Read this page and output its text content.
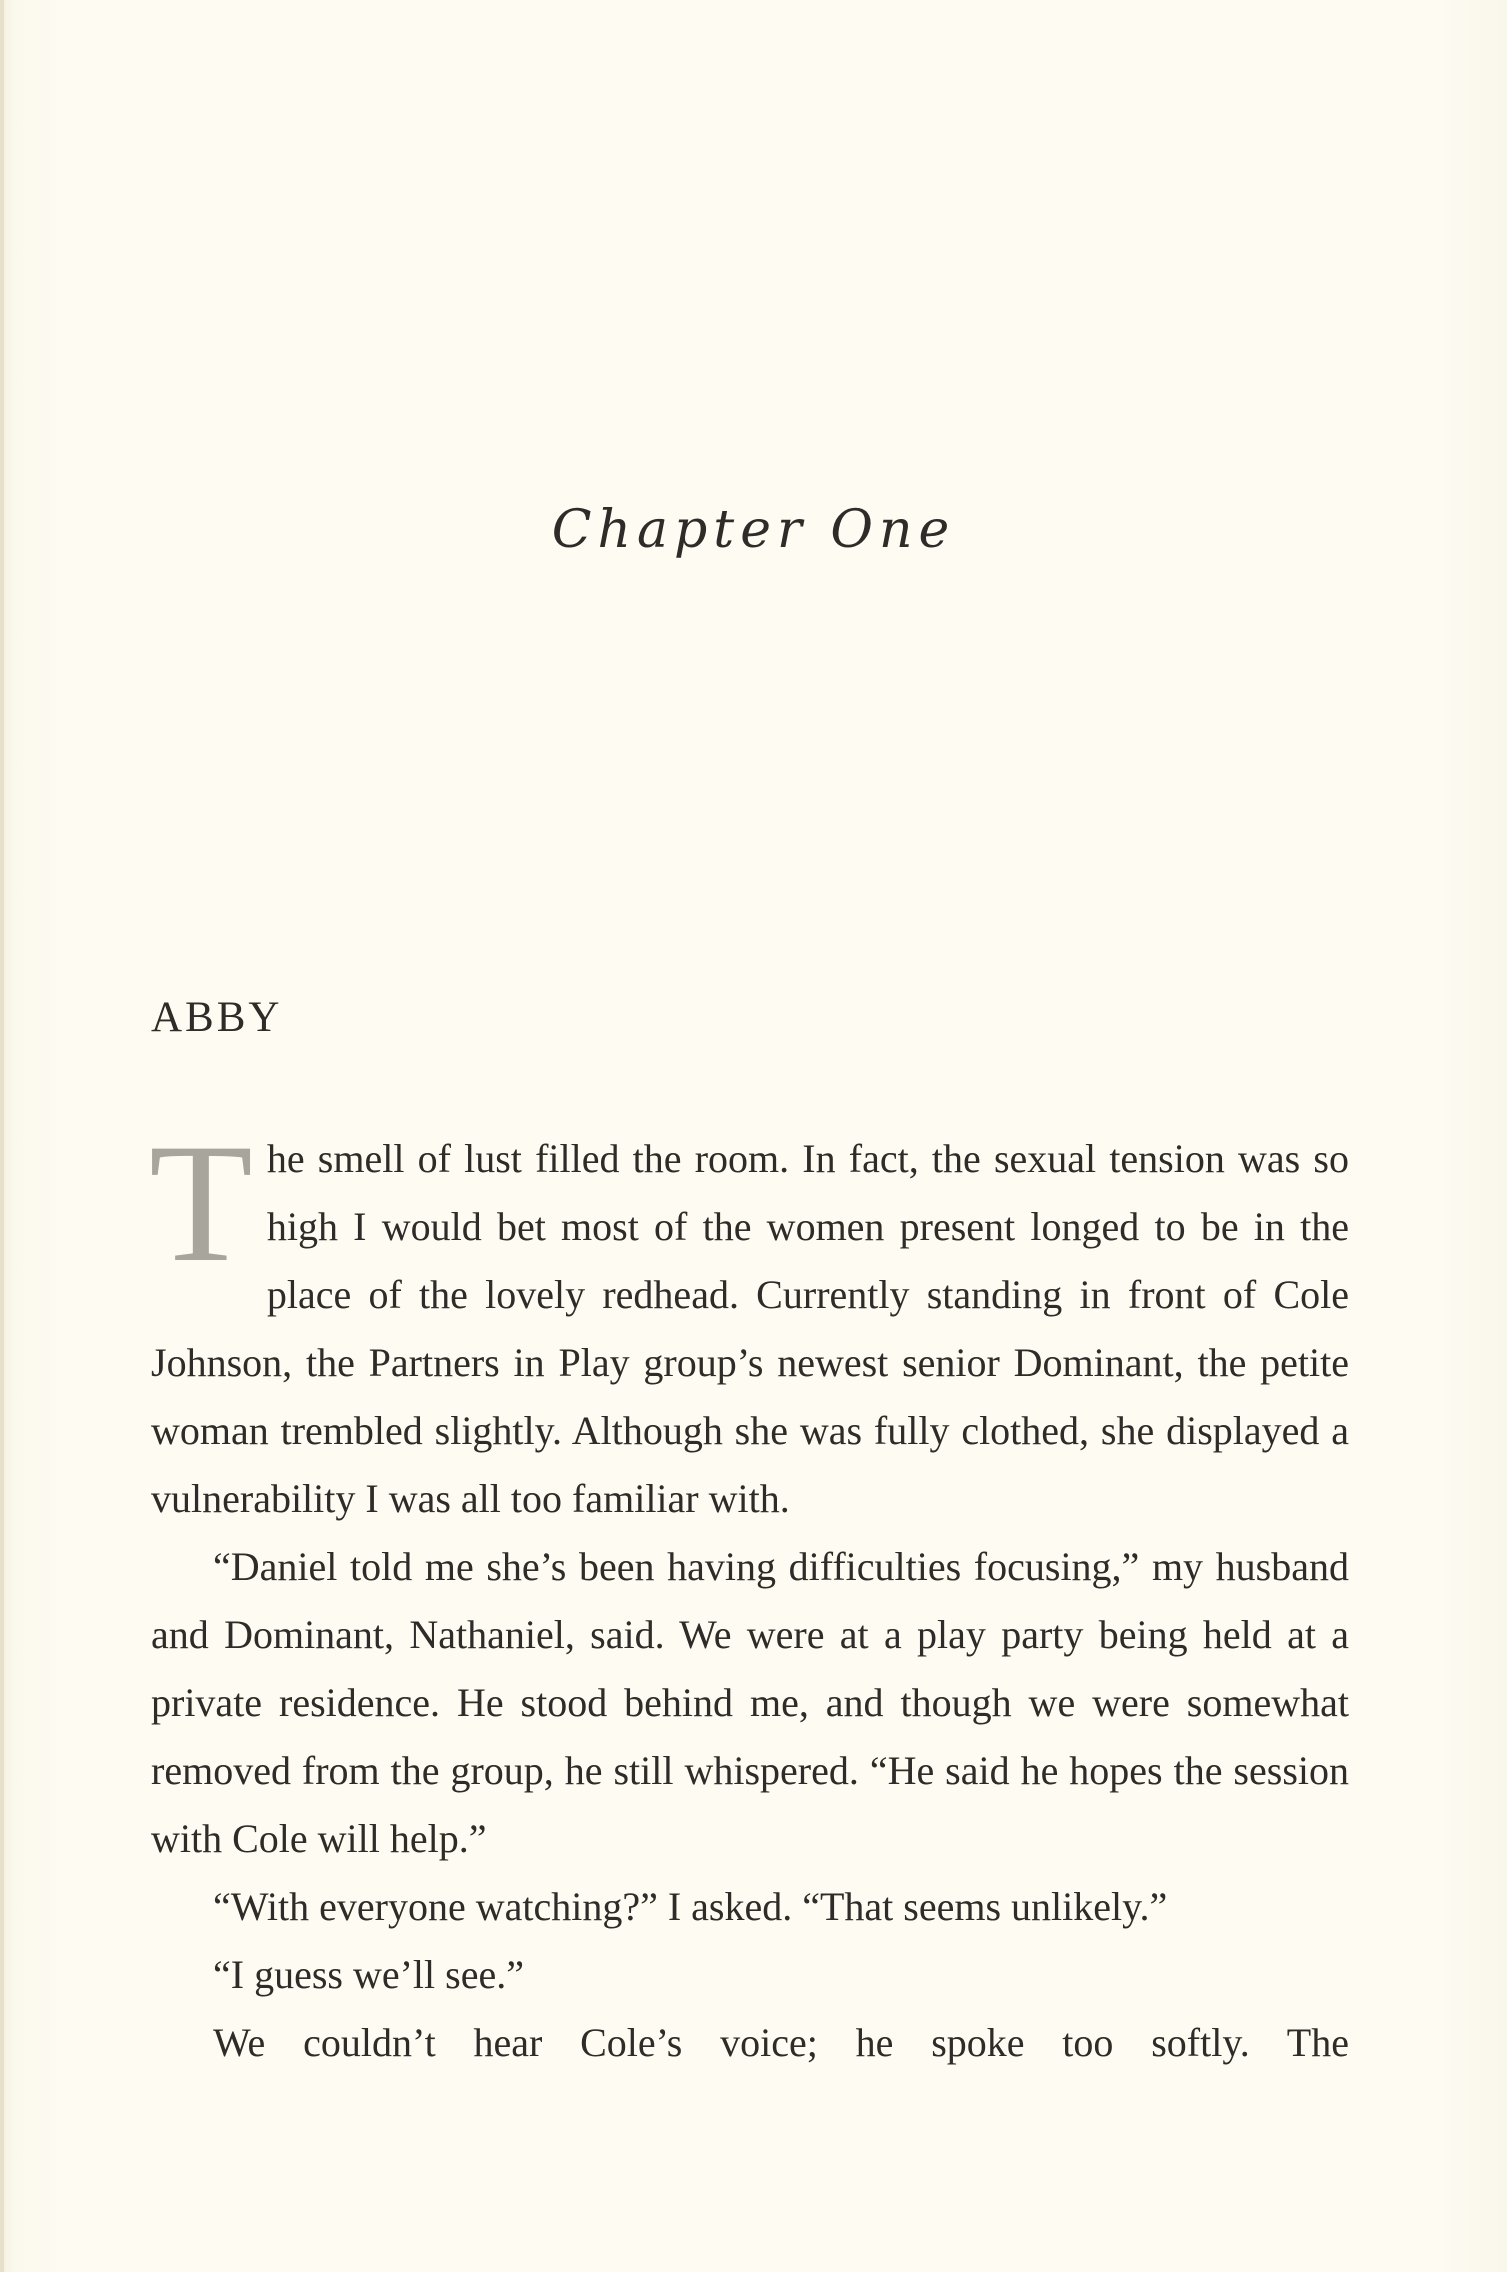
Chapter One
ABBY

The smell of lust filled the room. In fact, the sexual tension was so high I would bet most of the women present longed to be in the place of the lovely redhead. Currently standing in front of Cole Johnson, the Partners in Play group’s newest senior Dominant, the petite woman trembled slightly. Although she was fully clothed, she displayed a vulnerability I was all too familiar with.

“Daniel told me she’s been having difficulties focusing,” my husband and Dominant, Nathaniel, said. We were at a play party being held at a private residence. He stood behind me, and though we were somewhat removed from the group, he still whispered. “He said he hopes the session with Cole will help.”

“With everyone watching?” I asked. “That seems unlikely.”

“I guess we’ll see.”

We couldn’t hear Cole’s voice; he spoke too softly. The
